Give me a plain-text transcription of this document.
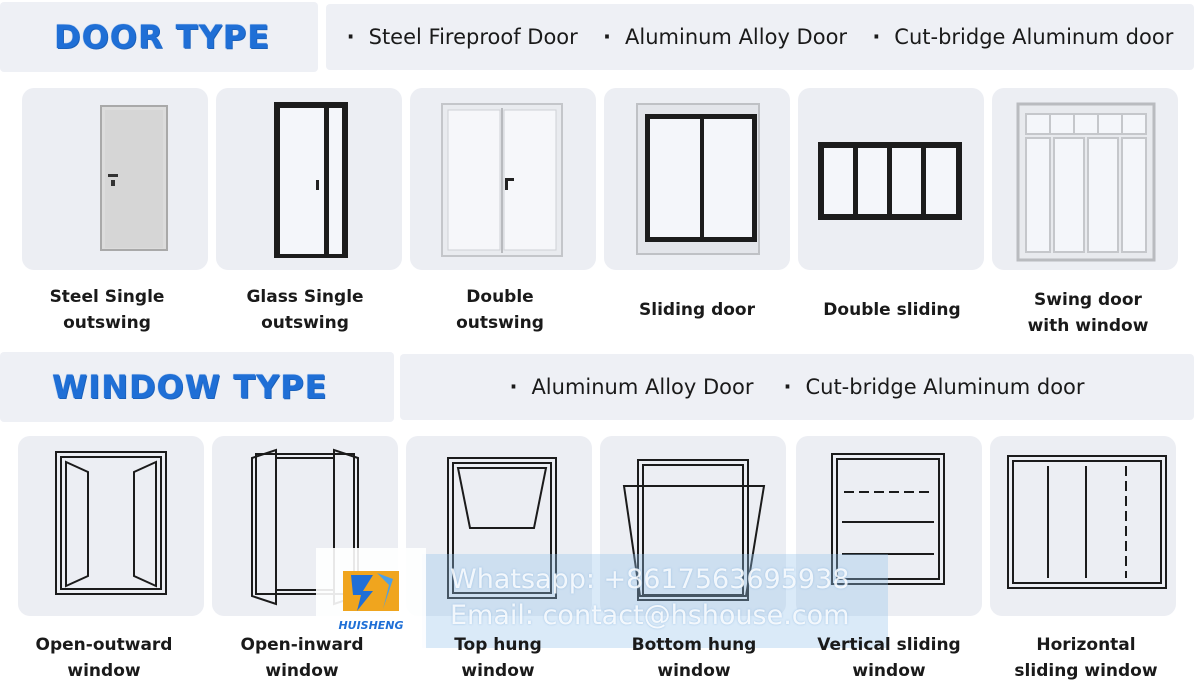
DOOR TYPE	· Steel Fireproof Door	· Aluminum Alloy Door	· Cut-bridge Aluminum door
Steel Single
outswing
Glass Single
outswing
Double
outswing
Sliding door	Double sliding	Swing door
with window
WINDOW TYPE	· Aluminum Alloy Door	· Cut-bridge Aluminum door
HUISHENG
Open-outward
window
Open-inward
window
Top hung
window
Bottom hung
window
Vertical sliding
window
Horizontal
sliding window
Whatsapp: +8617563695938
Email: contact@hshouse.com
